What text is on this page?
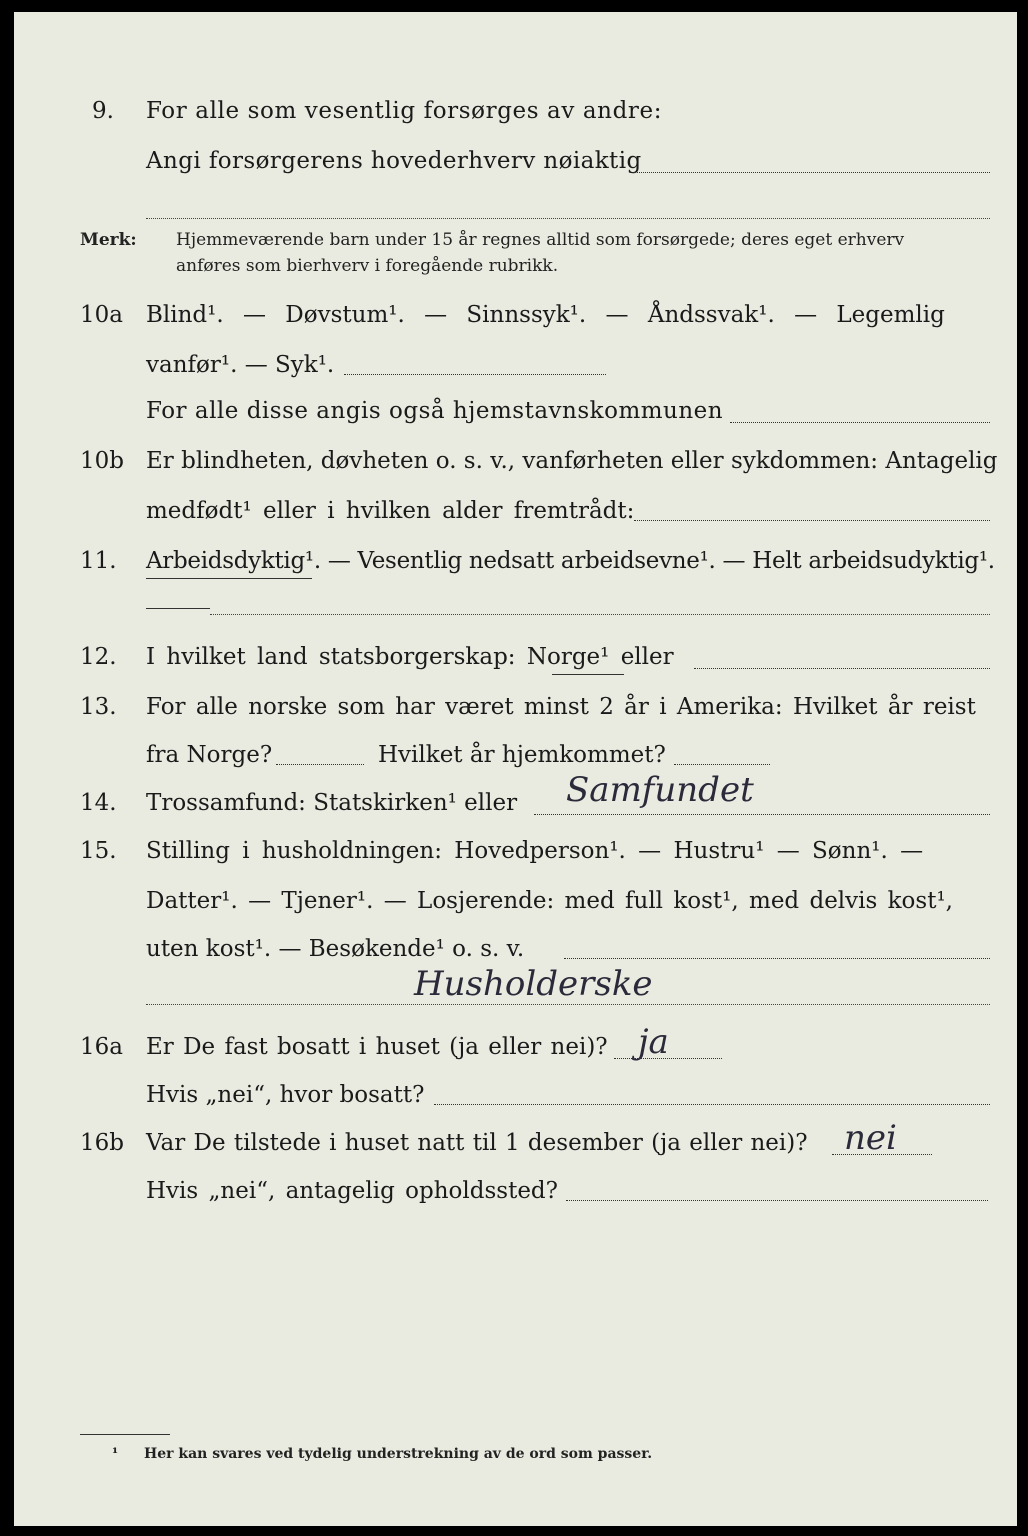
9. For alle som vesentlig forsørges av andre:
Angi forsørgerens hovederhverv nøiaktig
Merk: Hjemmeværende barn under 15 år regnes alltid som forsørgede; deres eget erhverv
anføres som bierhverv i foregående rubrikk.
10a Blind¹. — Døvstum¹. — Sinnssyk¹. — Åndssvak¹. — Legemlig
vanfør¹. — Syk¹.
For alle disse angis også hjemstavnskommunen
10b Er blindheten, døvheten o. s. v., vanførheten eller sykdommen: Antagelig
medfødt¹ eller i hvilken alder fremtrådt:
11. Arbeidsdyktig¹. — Vesentlig nedsatt arbeidsevne¹. — Helt arbeidsudyktig¹.
12. I hvilket land statsborgerskap: Norge¹ eller
13. For alle norske som har været minst 2 år i Amerika: Hvilket år reist
fra Norge?	Hvilket år hjemkommet?
14. Trossamfund: Statskirken¹ eller Samfundet
15. Stilling i husholdningen: Hovedperson¹. — Hustru¹ — Sønn¹. —
Datter¹. — Tjener¹. — Losjerende: med full kost¹, med delvis kost¹,
uten kost¹. — Besøkende¹ o. s. v.
Husholderske
16a Er De fast bosatt i huset (ja eller nei)? ja
Hvis „nei“, hvor bosatt?
16b Var De tilstede i huset natt til 1 desember (ja eller nei)? nei
Hvis „nei“, antagelig opholdssted?
¹ Her kan svares ved tydelig understrekning av de ord som passer.
